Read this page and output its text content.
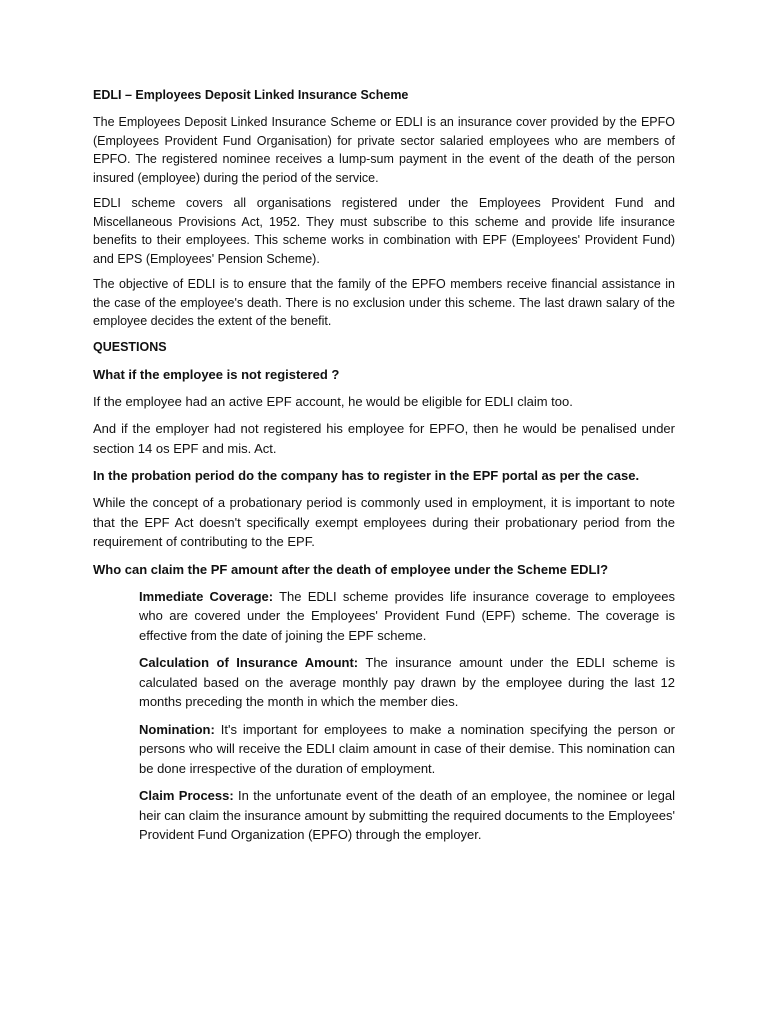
EDLI – Employees Deposit Linked Insurance Scheme

The Employees Deposit Linked Insurance Scheme or EDLI is an insurance cover provided by the EPFO (Employees Provident Fund Organisation) for private sector salaried employees who are members of EPFO. The registered nominee receives a lump-sum payment in the event of the death of the person insured (employee) during the period of the service.

EDLI scheme covers all organisations registered under the Employees Provident Fund and Miscellaneous Provisions Act, 1952. They must subscribe to this scheme and provide life insurance benefits to their employees. This scheme works in combination with EPF (Employees' Provident Fund) and EPS (Employees' Pension Scheme).

The objective of EDLI is to ensure that the family of the EPFO members receive financial assistance in the case of the employee's death. There is no exclusion under this scheme. The last drawn salary of the employee decides the extent of the benefit.

QUESTIONS

What if the employee is not registered ?

If the employee had an active EPF account, he would be eligible for EDLI claim too.

And if the employer had not registered his employee for EPFO, then he would be penalised under section 14 os EPF and mis. Act.

In the probation period do the company has to register in the EPF portal as per the case.

While the concept of a probationary period is commonly used in employment, it is important to note that the EPF Act doesn't specifically exempt employees during their probationary period from the requirement of contributing to the EPF.

Who can claim the PF amount after the death of employee under the Scheme EDLI?

Immediate Coverage: The EDLI scheme provides life insurance coverage to employees who are covered under the Employees' Provident Fund (EPF) scheme. The coverage is effective from the date of joining the EPF scheme.

Calculation of Insurance Amount: The insurance amount under the EDLI scheme is calculated based on the average monthly pay drawn by the employee during the last 12 months preceding the month in which the member dies.

Nomination: It's important for employees to make a nomination specifying the person or persons who will receive the EDLI claim amount in case of their demise. This nomination can be done irrespective of the duration of employment.

Claim Process: In the unfortunate event of the death of an employee, the nominee or legal heir can claim the insurance amount by submitting the required documents to the Employees' Provident Fund Organization (EPFO) through the employer.
